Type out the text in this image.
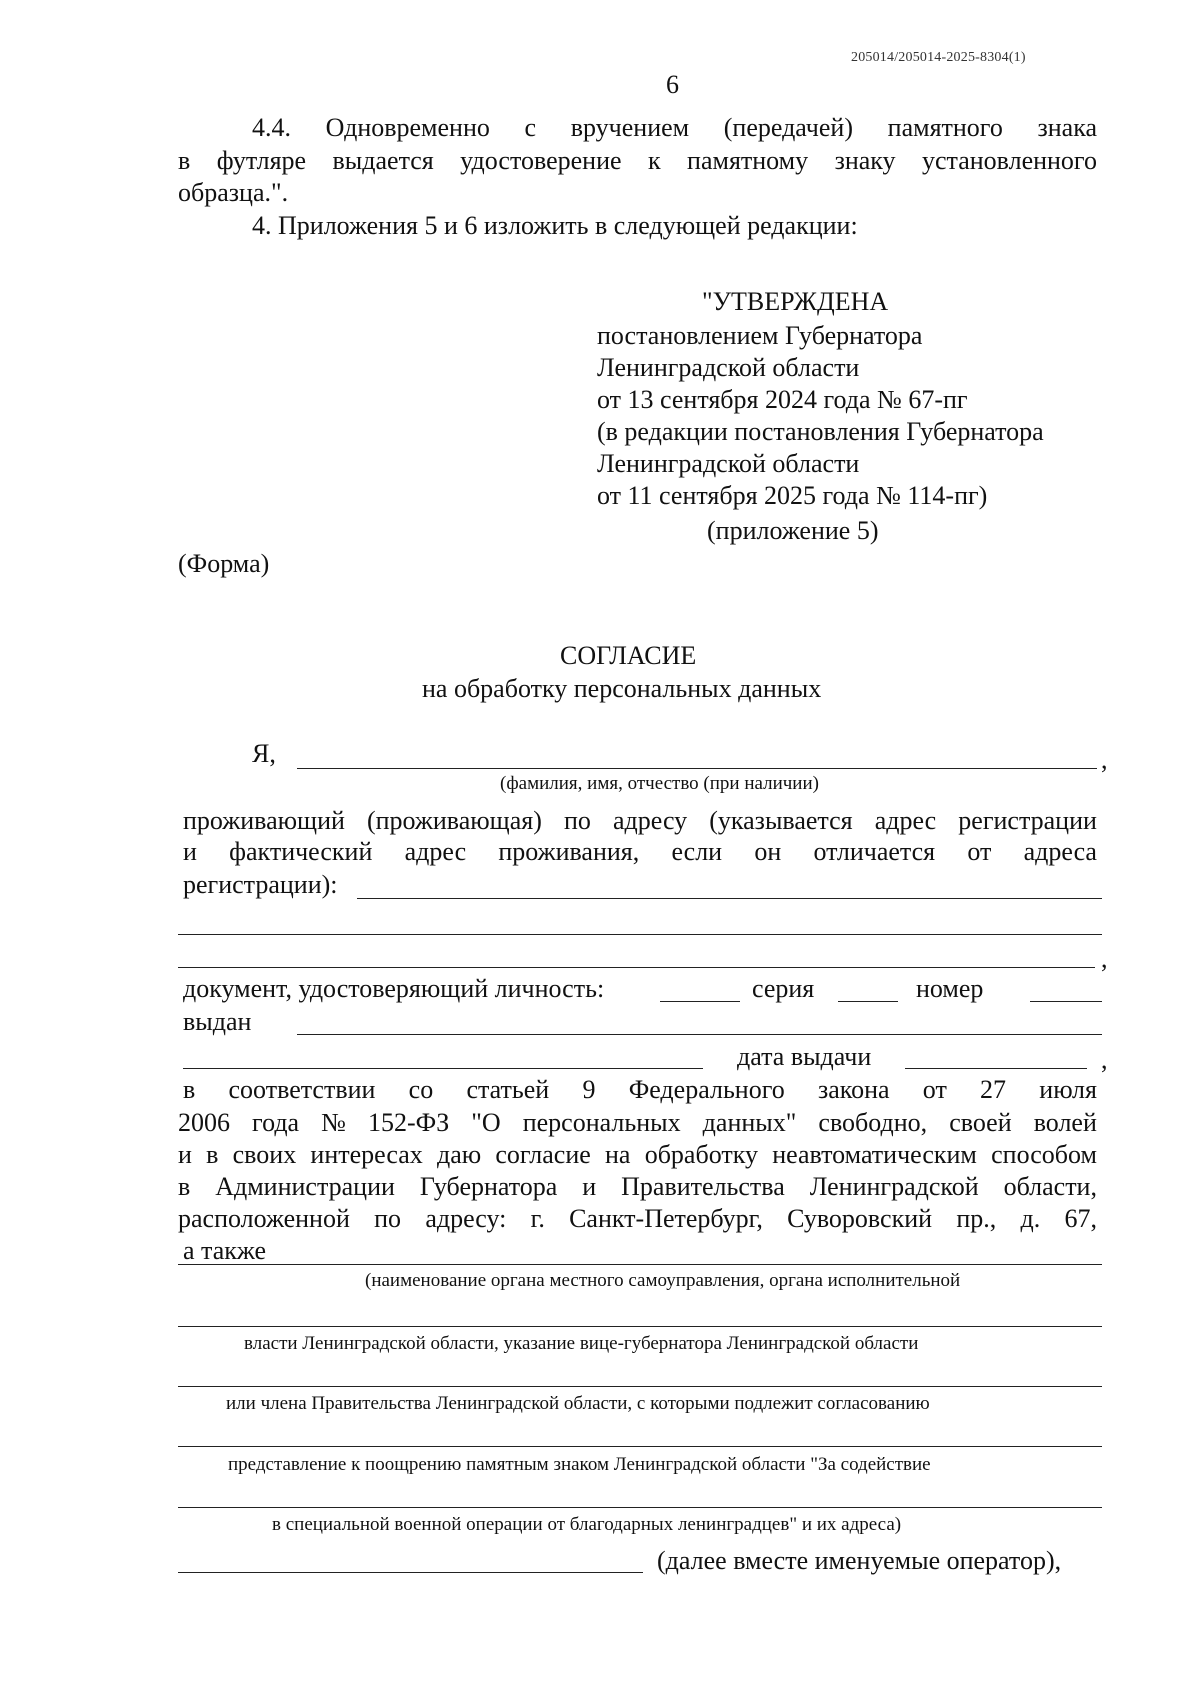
205014/205014-2025-8304(1)
6
4.4. Одновременно с вручением (передачей) памятного знака
в футляре выдается удостоверение к памятному знаку установленного
образца.".
4. Приложения 5 и 6 изложить в следующей редакции:
"УТВЕРЖДЕНА
постановлением Губернатора
Ленинградской области
от 13 сентября 2024 года № 67-пг
(в редакции постановления Губернатора
Ленинградской области
от 11 сентября 2025 года № 114-пг)
(приложение 5)
(Форма)
СОГЛАСИЕ
на обработку персональных данных
Я,	,
(фамилия, имя, отчество (при наличии)
проживающий (проживающая) по адресу (указывается адрес регистрации
и фактический адрес проживания, если он отличается от адреса
регистрации):
,
документ, удостоверяющий личность:	серия	номер
выдан
дата выдачи	,
в соответствии со статьей 9 Федерального закона от 27 июля
2006 года № 152-ФЗ "О персональных данных" свободно, своей волей
и в своих интересах даю согласие на обработку неавтоматическим способом
в Администрации Губернатора и Правительства Ленинградской области,
расположенной по адресу: г. Санкт-Петербург, Суворовский пр., д. 67,
а также
(наименование органа местного самоуправления, органа исполнительной
власти Ленинградской области, указание вице-губернатора Ленинградской области
или члена Правительства Ленинградской области, с которыми подлежит согласованию
представление к поощрению памятным знаком Ленинградской области "За содействие
в специальной военной операции от благодарных ленинградцев" и их адреса)
(далее вместе именуемые оператор),
